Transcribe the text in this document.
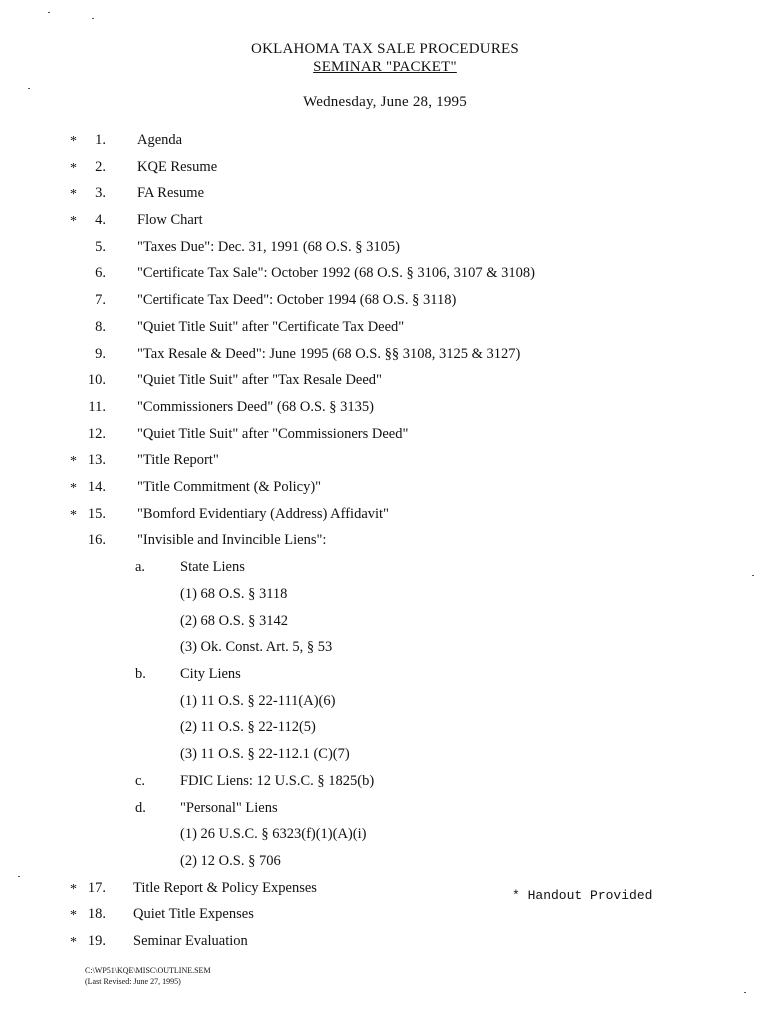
OKLAHOMA TAX SALE PROCEDURES
SEMINAR "PACKET"
Wednesday, June 28, 1995
*	1. Agenda
*	2. KQE Resume
*	3. FA Resume
*	4. Flow Chart
5. "Taxes Due": Dec. 31, 1991 (68 O.S. § 3105)
6. "Certificate Tax Sale": October 1992 (68 O.S. § 3106, 3107 & 3108)
7. "Certificate Tax Deed": October 1994 (68 O.S. § 3118)
8. "Quiet Title Suit" after "Certificate Tax Deed"
9. "Tax Resale & Deed": June 1995 (68 O.S. §§ 3108, 3125 & 3127)
10. "Quiet Title Suit" after "Tax Resale Deed"
11. "Commissioners Deed" (68 O.S. § 3135)
12. "Quiet Title Suit" after "Commissioners Deed"
* 13. "Title Report"
* 14. "Title Commitment (& Policy)"
* 15. "Bomford Evidentiary (Address) Affidavit"
16. "Invisible and Invincible Liens":
a. State Liens
(1) 68 O.S. § 3118
(2) 68 O.S. § 3142
(3) Ok. Const. Art. 5, § 53
b. City Liens
(1) 11 O.S. § 22-111(A)(6)
(2) 11 O.S. § 22-112(5)
(3) 11 O.S. § 22-112.1 (C)(7)
c. FDIC Liens: 12 U.S.C. § 1825(b)
d. "Personal" Liens
(1) 26 U.S.C. § 6323(f)(1)(A)(i)
(2) 12 O.S. § 706
* 17. Title Report & Policy Expenses
* 18. Quiet Title Expenses
* 19. Seminar Evaluation
* Handout Provided
C:\WP51\KQE\MISC\OUTLINE.SEM
(Last Revised: June 27, 1995)
